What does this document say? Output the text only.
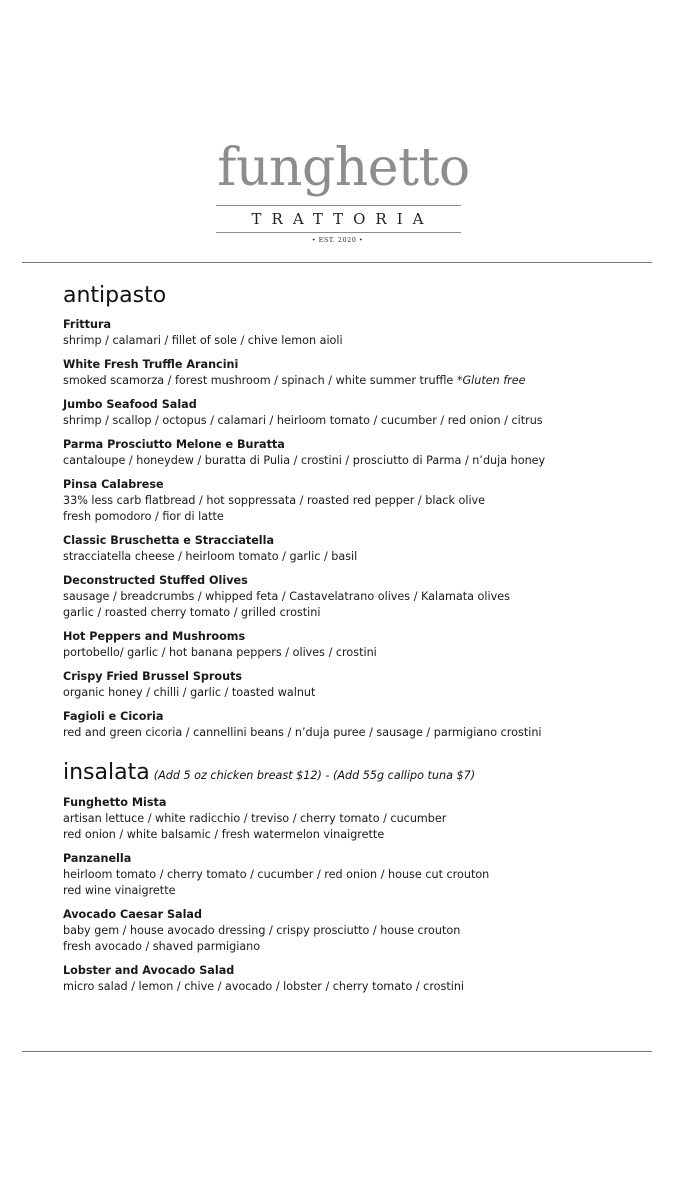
funghetto
TRATTORIA
• EST. 2020 •
antipasto
Frittura
shrimp / calamari / fillet of sole / chive lemon aioli
White Fresh Truffle Arancini
smoked scamorza / forest mushroom / spinach / white summer truffle *Gluten free
Jumbo Seafood Salad
shrimp / scallop / octopus / calamari / heirloom tomato / cucumber / red onion / citrus
Parma Prosciutto Melone e Buratta
cantaloupe / honeydew / buratta di Pulia / crostini / prosciutto di Parma / n’duja honey
Pinsa Calabrese
33% less carb flatbread / hot soppressata / roasted red pepper / black olive
fresh pomodoro / fior di latte
Classic Bruschetta e Stracciatella
stracciatella cheese / heirloom tomato / garlic / basil
Deconstructed Stuffed Olives
sausage / breadcrumbs / whipped feta / Castavelatrano olives / Kalamata olives
garlic / roasted cherry tomato / grilled crostini
Hot Peppers and Mushrooms
portobello/ garlic / hot banana peppers / olives / crostini
Crispy Fried Brussel Sprouts
organic honey / chilli / garlic / toasted walnut
Fagioli e Cicoria
red and green cicoria / cannellini beans / n’duja puree / sausage / parmigiano crostini
insalata (Add 5 oz chicken breast $12) - (Add 55g callipo tuna $7)
Funghetto Mista
artisan lettuce / white radicchio / treviso / cherry tomato / cucumber
red onion / white balsamic / fresh watermelon vinaigrette
Panzanella
heirloom tomato / cherry tomato / cucumber / red onion / house cut crouton
red wine vinaigrette
Avocado Caesar Salad
baby gem / house avocado dressing / crispy prosciutto / house crouton
fresh avocado / shaved parmigiano
Lobster and Avocado Salad
micro salad / lemon / chive / avocado / lobster / cherry tomato / crostini
